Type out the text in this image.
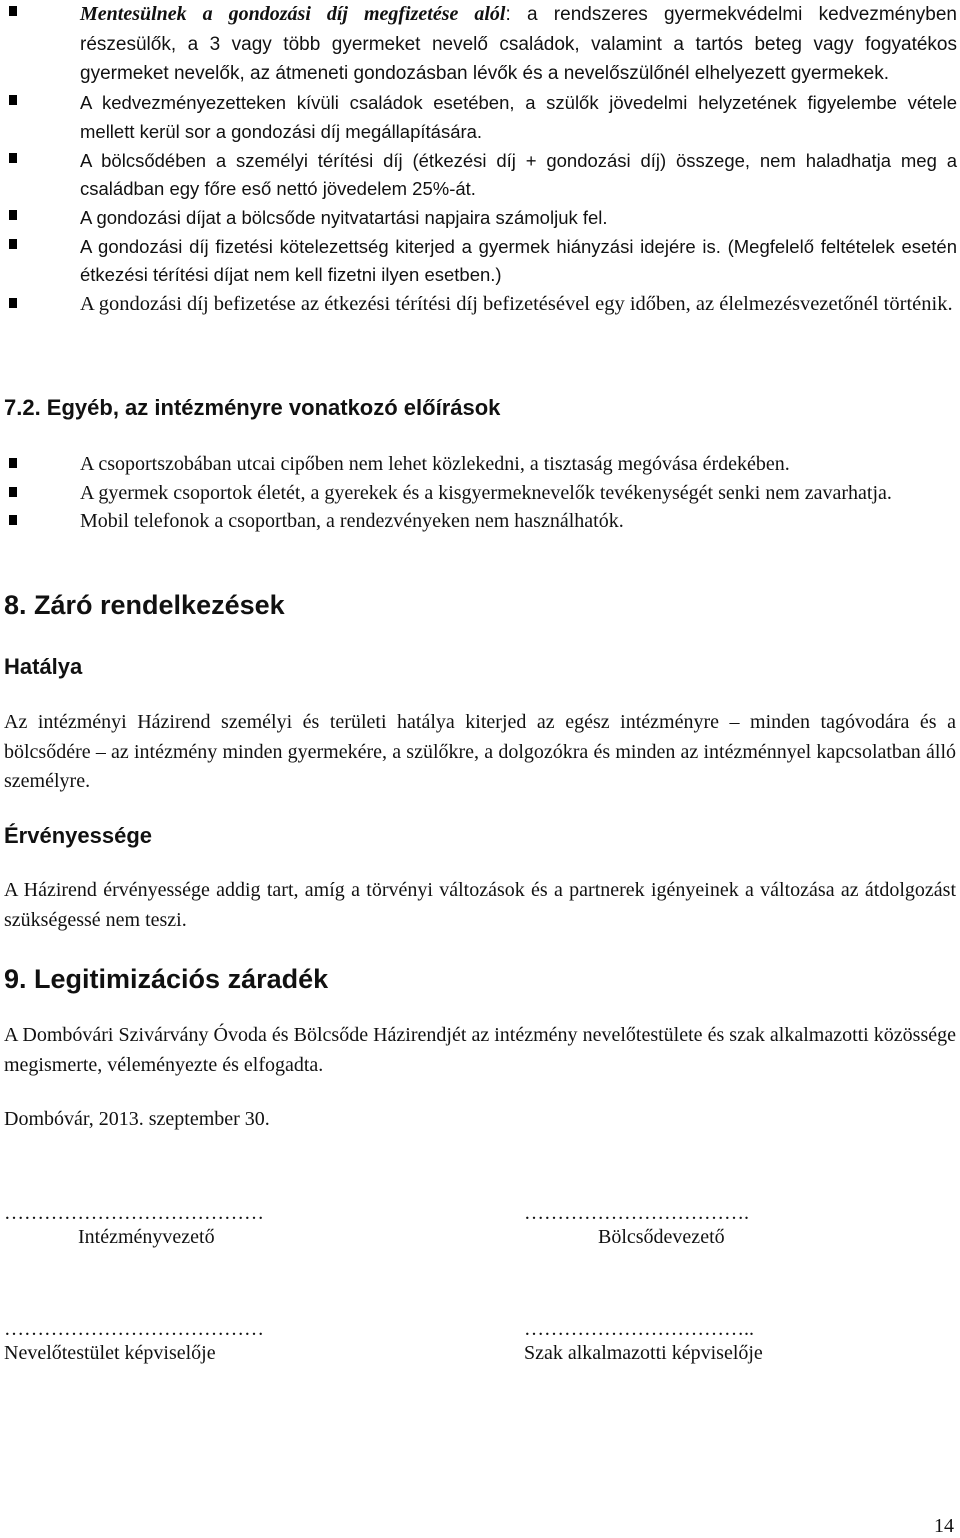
Mentesülnek a gondozási díj megfizetése alól: a rendszeres gyermekvédelmi kedvezményben részesülők, a 3 vagy több gyermeket nevelő családok, valamint a tartós beteg vagy fogyatékos gyermeket nevelők, az átmeneti gondozásban lévők és a nevelőszülőnél elhelyezett gyermekek.
A kedvezményezetteken kívüli családok esetében, a szülők jövedelmi helyzetének figyelembe vétele mellett kerül sor a gondozási díj megállapítására.
A bölcsődében a személyi térítési díj (étkezési díj + gondozási díj) összege, nem haladhatja meg a családban egy főre eső nettó jövedelem 25%-át.
A gondozási díjat a bölcsőde nyitvatartási napjaira számoljuk fel.
A gondozási díj fizetési kötelezettség kiterjed a gyermek hiányzási idejére is. (Megfelelő feltételek esetén étkezési térítési díjat nem kell fizetni ilyen esetben.)
A gondozási díj befizetése az étkezési térítési díj befizetésével egy időben, az élelmezésvezetőnél történik.
7.2. Egyéb, az intézményre vonatkozó előírások
A csoportszobában utcai cipőben nem lehet közlekedni, a tisztaság megóvása érdekében.
A gyermek csoportok életét, a gyerekek és a kisgyermeknevelők tevékenységét senki nem zavarhatja.
Mobil telefonok a csoportban, a rendezvényeken nem használhatók.
8. Záró rendelkezések
Hatálya

Az intézményi Házirend személyi és területi hatálya kiterjed az egész intézményre – minden tagóvodára és a bölcsődére – az intézmény minden gyermekére, a szülőkre, a dolgozókra és minden az intézménnyel kapcsolatban álló személyre.

Érvényessége

A Házirend érvényessége addig tart, amíg a törvényi változások és a partnerek igényeinek a változása az átdolgozást szükségessé nem teszi.

9. Legitimizációs záradék

A Dombóvári Szivárvány Óvoda és Bölcsőde Házirendjét az intézmény nevelőtestülete és szak alkalmazotti közössége megismerte, véleményezte és elfogadta.

Dombóvár, 2013. szeptember 30.

…………………………………	…………………………….

Intézményvezető	Bölcsődevezető

…………………………………	……………………………..

Nevelőtestület képviselője	Szak alkalmazotti képviselője

14
